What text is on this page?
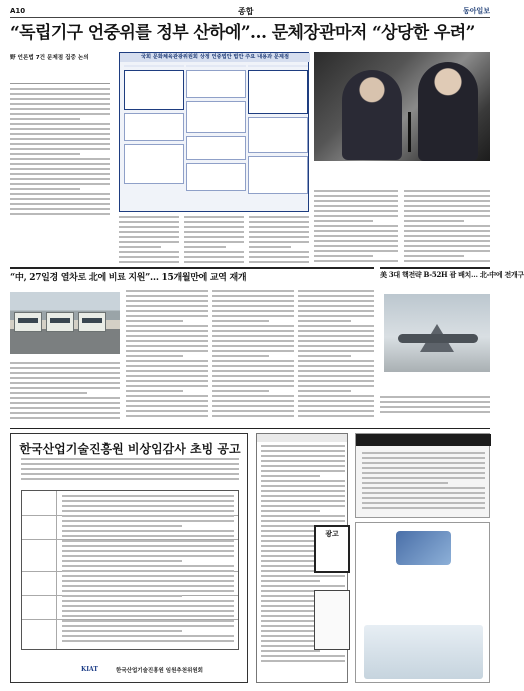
A10	종합	동아일보
“독립기구 언중위를 정부 산하에”… 문체장관마저 “상당한 우려”
野 언론법 7건 문제점 집중 논의	국회 문화체육관광위원회 상정 언중법안 법안 주요 내용과 문제점
“中, 27일경 열차로 北에 비료 지원”… 15개월만에 교역 재개	美 3대 핵전략 B-52H 괌 배치… 北-中에 전개구
한국산업기술진흥원 비상임감사 초빙 공고
KIAT	한국산업기술진흥원 임원추천위원회
광고
